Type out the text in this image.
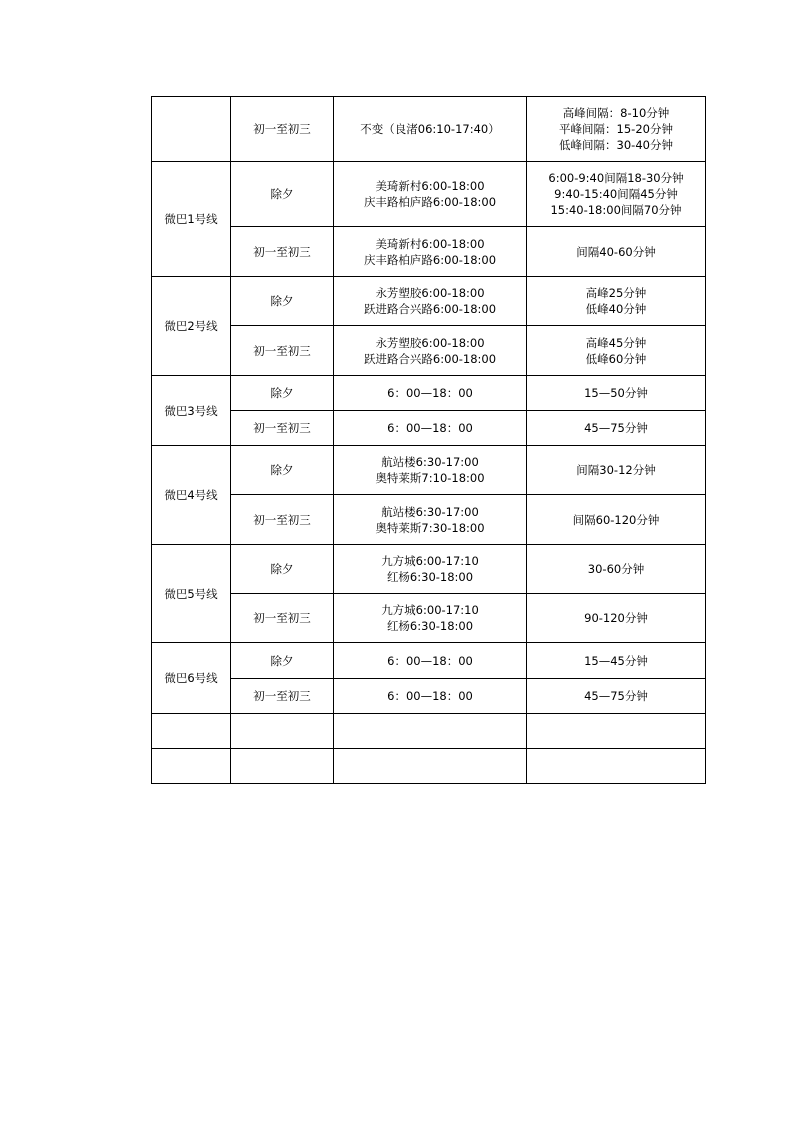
	初一至初三	不变（良渚06:10-17:40）	高峰间隔：8-10分钟
平峰间隔：15-20分钟
低峰间隔：30-40分钟

微巴1号线	除夕	美琦新村6:00-18:00
庆丰路柏庐路6:00-18:00	6:00-9:40间隔18-30分钟
9:40-15:40间隔45分钟
15:40-18:00间隔70分钟

	初一至初三	美琦新村6:00-18:00
庆丰路柏庐路6:00-18:00	间隔40-60分钟

微巴2号线	除夕	永芳塑胶6:00-18:00
跃进路合兴路6:00-18:00	高峰25分钟
低峰40分钟

	初一至初三	永芳塑胶6:00-18:00
跃进路合兴路6:00-18:00	高峰45分钟
低峰60分钟

微巴3号线	除夕	6：00—18：00	15—50分钟

	初一至初三	6：00—18：00	45—75分钟

微巴4号线	除夕	航站楼6:30-17:00
奥特莱斯7:10-18:00	间隔30-12分钟

	初一至初三	航站楼6:30-17:00
奥特莱斯7:30-18:00	间隔60-120分钟

微巴5号线	除夕	九方城6:00-17:10
红杨6:30-18:00	30-60分钟

	初一至初三	九方城6:00-17:10
红杨6:30-18:00	90-120分钟

微巴6号线	除夕	6：00—18：00	15—45分钟

	初一至初三	6：00—18：00	45—75分钟
